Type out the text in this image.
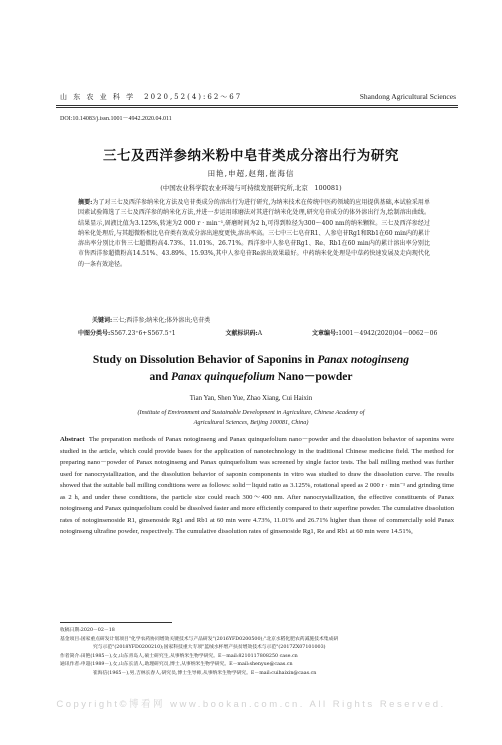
山 东 农 业 科 学　 2020,52(4):62～67	Shandong Agricultural Sciences
DOI:10.14083/j.issn.1001－4942.2020.04.011
三七及西洋参纳米粉中皂苷类成分溶出行为研究
田艳,申超,赵翔,崔海信
(中国农业科学院农业环境与可持续发展研究所,北京　100081)
摘要:为了对三七及西洋参纳米化方法及皂苷类成分的溶出行为进行研究,为纳米技术在传统中医药领域的应用提供基础,本试验采用单因素试验筛选了三七及西洋参的纳米化方法,并进一步运用球磨法对其进行纳米化处理,研究皂苷成分的体外溶出行为,绘制溶出曲线。结果显示,固液比值为3.125%,转速为2 000 r · min⁻¹,研磨时间为2 h,可得到粒径为300～400 nm的纳米颗粒。三七及西洋参经过纳米化处理后,与其超微粉相比皂苷类有效成分溶出速度更快,溶出率高。三七中三七皂苷R1、人参皂苷Rg1和Rb1在60 min内的累计溶出率分别比市售三七超微粉高4.73%、11.01%、26.71%。西洋参中人参皂苷Rg1、Re、Rb1在60 min内的累计溶出率分别比市售西洋参超微粉高14.51%、43.89%、15.93%,其中人参皂苷Re溶出效果最好。中药纳米化处理是中草药快速发展及走向现代化的一条有效途径。
关键词:三七;西洋参;纳米化;体外溶出;皂苷类
中图分类号:S567.23⁺6+S567.5⁺1	文献标识码:A	文章编号:1001－4942(2020)04－0062－06
Study on Dissolution Behavior of Saponins in Panax notoginseng
and Panax quinquefolium Nano－powder
Tian Yan, Shen Yue, Zhao Xiang, Cui Haixin
(Institute of Environment and Sustainable Development in Agriculture, Chinese Academy of
Agricultural Sciences, Beijing 100081, China)
Abstract The preparation methods of Panax notoginseng and Panax quinquefolium nano－powder and the dissolution behavior of saponins were studied in the article, which could provide bases for the application of nanotechnology in the traditional Chinese medicine field. The method for preparing nano－powder of Panax notoginseng and Panax quinquefolium was screened by single factor tests. The ball milling method was further used for nanocrystallization, and the dissolution behavior of saponin components in vitro was studied to draw the dissolution curve. The results showed that the suitable ball milling conditions were as follows: solid－liquid ratio as 3.125%, rotational speed as 2 000 r · min⁻¹ and grinding time as 2 h, and under these conditions, the particle size could reach 300～400 nm. After nanocrystallization, the effective constituents of Panax notoginseng and Panax quinquefolium could be dissolved faster and more efficiently compared to their superfine powder. The cumulative dissolution rates of notoginsenoside R1, ginsenoside Rg1 and Rb1 at 60 min were 4.73%, 11.01% and 26.71% higher than those of commercially sold Panax notoginseng ultrafine powder, respectively. The cumulative dissolution rates of ginsenoside Rg1, Re and Rb1 at 60 min were 14.51%,
收稿日期:2020－02－18
基金项目:国家重点研发计划项目"化学农药协同增效关键技术与产品研发"(2016YFD0200500);"北京水稻化肥农药减施技术集成研
究与示范"(2018YFD0200210);国家科技重大专项"蓝绒水杯增产扶贫增效技术与示范"(2017ZX07101003)
作者简介:田艳(1985－),女,山东青岛人,硕士研究生,从事纳米生物学研究。E－mail:8210117808250 case.cn
通讯作者:申超(1989－),女,山东长清人,助理研究员,博士,从事纳米生物学研究。E－mail:shenyue@caas.cn
崔海信(1965－),男,吉林长春人,研究员,博士生导师,从事纳米生物学研究。E－mail:cuihaixin@caas.cn
Copyright©博看网 www.bookan.com.cn. All Rights Reserved.
